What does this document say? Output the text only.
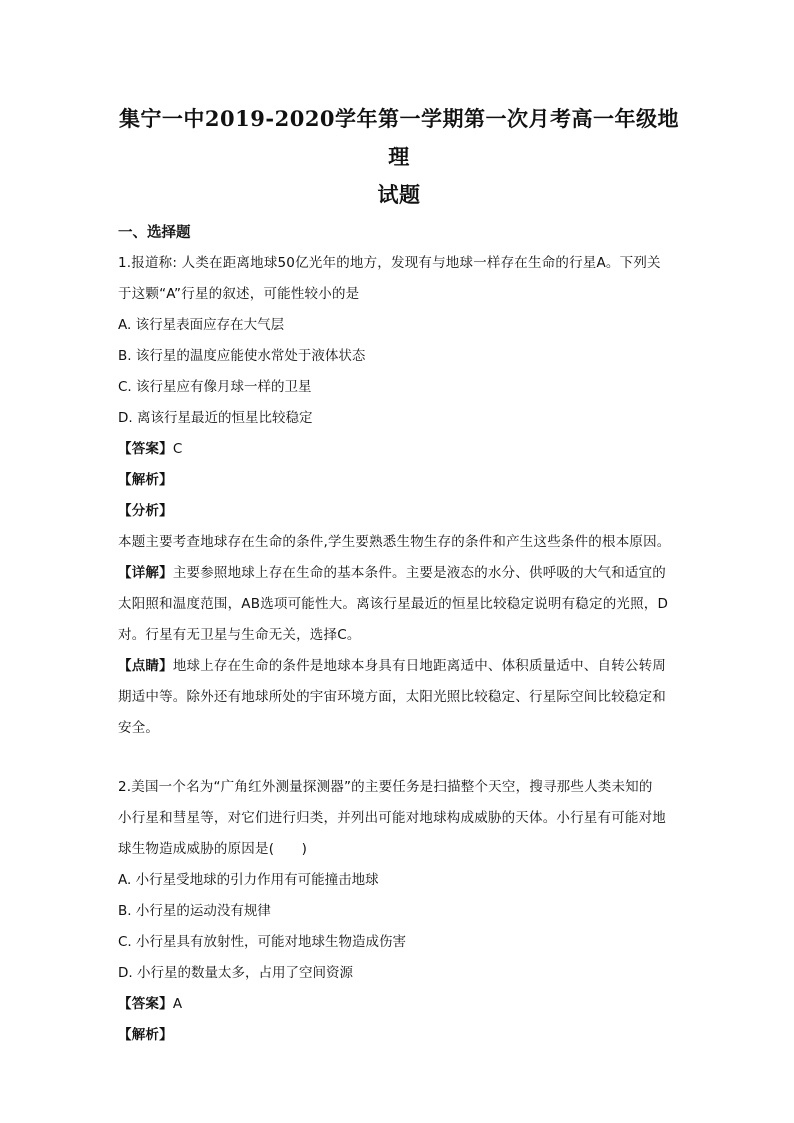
集宁一中2019-2020学年第一学期第一次月考高一年级地理
试题

一、选择题

1.报道称: 人类在距离地球50亿光年的地方，发现有与地球一样存在生命的行星A。下列关

于这颗“A”行星的叙述，可能性较小的是

A. 该行星表面应存在大气层

B. 该行星的温度应能使水常处于液体状态

C. 该行星应有像月球一样的卫星

D. 离该行星最近的恒星比较稳定

【答案】C

【解析】

【分析】

本题主要考查地球存在生命的条件,学生要熟悉生物生存的条件和产生这些条件的根本原因。

【详解】主要参照地球上存在生命的基本条件。主要是液态的水分、供呼吸的大气和适宜的

太阳照和温度范围，AB选项可能性大。离该行星最近的恒星比较稳定说明有稳定的光照，D

对。行星有无卫星与生命无关，选择C。

【点睛】地球上存在生命的条件是地球本身具有日地距离适中、体积质量适中、自转公转周

期适中等。除外还有地球所处的宇宙环境方面，太阳光照比较稳定、行星际空间比较稳定和

安全。

2.美国一个名为“广角红外测量探测器”的主要任务是扫描整个天空，搜寻那些人类未知的

小行星和彗星等，对它们进行归类，并列出可能对地球构成威胁的天体。小行星有可能对地

球生物造成威胁的原因是(　　)

A. 小行星受地球的引力作用有可能撞击地球

B. 小行星的运动没有规律

C. 小行星具有放射性，可能对地球生物造成伤害

D. 小行星的数量太多，占用了空间资源

【答案】A

【解析】
